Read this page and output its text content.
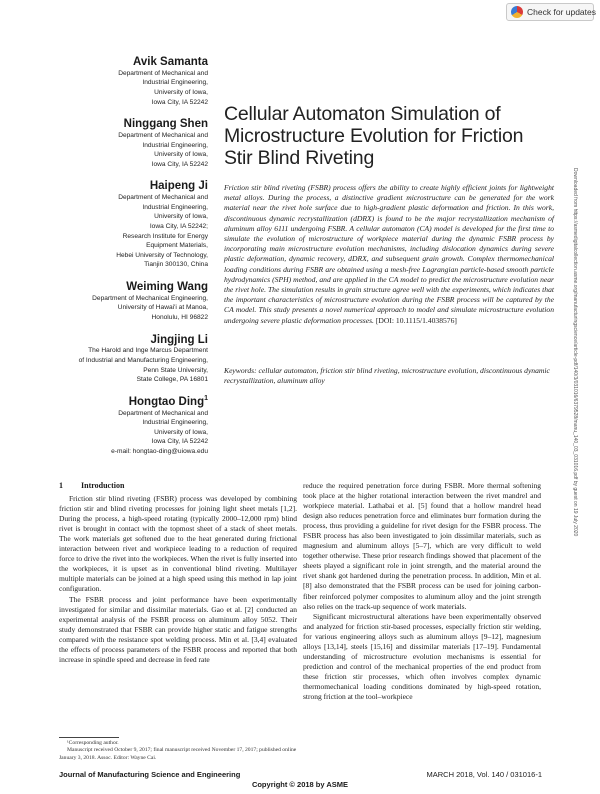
Check for updates
Avik Samanta
Department of Mechanical and
Industrial Engineering,
University of Iowa,
Iowa City, IA 52242
Ninggang Shen
Department of Mechanical and
Industrial Engineering,
University of Iowa,
Iowa City, IA 52242
Haipeng Ji
Department of Mechanical and
Industrial Engineering,
University of Iowa,
Iowa City, IA 52242;
Research Institute for Energy
Equipment Materials,
Hebei University of Technology,
Tianjin 300130, China
Weiming Wang
Department of Mechanical Engineering,
University of Hawai'i at Manoa,
Honolulu, HI 96822
Jingjing Li
The Harold and Inge Marcus Department
of Industrial and Manufacturing Engineering,
Penn State University,
State College, PA 16801
Hongtao Ding$^1$
Department of Mechanical and
Industrial Engineering,
University of Iowa,
Iowa City, IA 52242
e-mail: hongtao-ding@uiowa.edu
Cellular Automaton Simulation of Microstructure Evolution for Friction Stir Blind Riveting
Friction stir blind riveting (FSBR) process offers the ability to create highly efficient joints for lightweight metal alloys. During the process, a distinctive gradient microstructure can be generated for the work material near the rivet hole surface due to high-gradient plastic deformation and friction. In this work, discontinuous dynamic recrystallization (dDRX) is found to be the major recrystallization mechanism of aluminum alloy 6111 undergoing FSBR. A cellular automaton (CA) model is developed for the first time to simulate the evolution of microstructure of workpiece material during the dynamic FSBR process by incorporating main microstructure evolution mechanisms, including dislocation dynamics during severe plastic deformation, dynamic recovery, dDRX, and subsequent grain growth. Complex thermomechanical loading conditions during FSBR are obtained using a mesh-free Lagrangian particle-based smooth particle hydrodynamics (SPH) method, and are applied in the CA model to predict the microstructure evolution near the rivet hole. The simulation results in grain structure agree well with the experiments, which indicates that the important characteristics of microstructure evolution during the FSBR process will be captured by the CA model. This study presents a novel numerical approach to model and simulate microstructure evolution undergoing severe plastic deformation processes. [DOI: 10.1115/1.4038576]
Keywords: cellular automaton, friction stir blind riveting, microstructure evolution, discontinuous dynamic recrystallization, aluminum alloy	Downloaded from https://asmedigitalcollection.asme.org/manufacturingscience/article-pdf/140/3/031016/6379528/manu_140_03_031016.pdf by guest on 19 July 2020
1 Introduction

Friction stir blind riveting (FSBR) process was developed by combining friction stir and blind riveting processes for joining light sheet metals [1,2]. During the process, a high-speed rotating (typically 2000–12,000 rpm) blind rivet is brought in contact with the topmost sheet of a stack of sheet metals. The work materials get softened due to the heat generated during frictional interaction between rivet and workpiece leading to a reduction of required force to drive the rivet into the workpieces. When the rivet is fully inserted into the workpieces, it is upset as in conventional blind riveting. Multilayer multiple materials can be joined at a high speed using this method in lap joint configuration.

The FSBR process and joint performance have been experimentally investigated for similar and dissimilar materials. Gao et al. [2] conducted an experimental analysis of the FSBR process on aluminum alloy 5052. Their study demonstrated that FSBR can provide higher static and fatigue strengths compared with the resistance spot welding process. Min et al. [3,4] evaluated the effects of process parameters of the FSBR process and reported that both increase in spindle speed and decrease in feed rate

reduce the required penetration force during FSBR. More thermal softening took place at the higher rotational interaction between the rivet mandrel and workpiece material. Lathabai et al. [5] found that a hollow mandrel head design also reduces penetration force and eliminates burr formation during the process, thus providing a guideline for rivet design for the FSBR process. The FSBR process has also been investigated to join dissimilar materials, such as magnesium and aluminum alloys [5–7], which are very difficult to weld together otherwise. These prior research findings showed that placement of the sheets played a significant role in joint strength, and the material around the rivet shank got hardened during the penetration process. In addition, Min et al. [8] also demonstrated that the FSBR process can be used for joining carbon-fiber reinforced polymer composites to aluminum alloy and the joint strength also relies on the track-up sequence of work materials.

Significant microstructural alterations have been experimentally observed and analyzed for friction stir-based processes, especially friction stir welding, for various engineering alloys such as aluminum alloys [9–12], magnesium alloys [13,14], steels [15,16] and dissimilar materials [17–19]. Fundamental understanding of microstructure evolution mechanisms is essential for prediction and control of the mechanical properties of the end product from these friction stir processes, which often involves complex dynamic thermomechanical loading conditions dominated by high-speed rotation, strong friction at the tool–workpiece

¹Corresponding author.

Manuscript received October 9, 2017; final manuscript received November 17, 2017; published online January 3, 2018. Assoc. Editor: Wayne Cai.

Journal of Manufacturing Science and Engineering	MARCH 2018, Vol. 140 / 031016-1
Copyright © 2018 by ASME
